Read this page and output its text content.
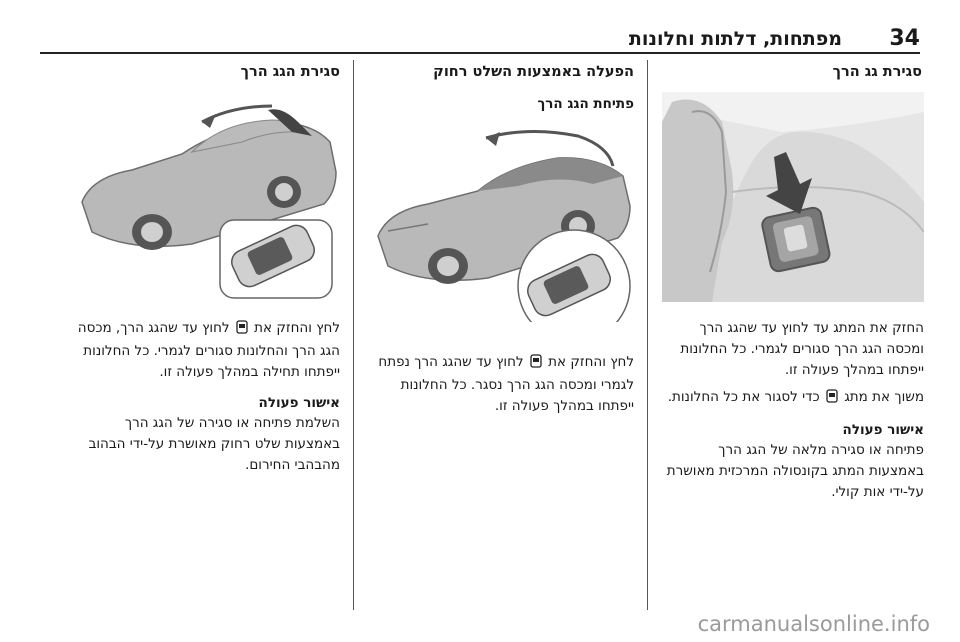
34
מפתחות, דלתות וחלונות
סגירת גג הרך

החזק את המתג עד לחוץ עד שהגג הרך ומכסה הגג הרך סגורים לגמרי. כל החלונות ייפתחו במהלך פעולה זו.

משוך את מתג  כדי לסגור את כל החלונות.

אישור פעולה

פתיחה או סגירה מלאה של הגג הרך באמצעות המתג בקונסולה המרכזית מאושרת על-ידי אות קולי.

הפעלה באמצעות השלט רחוק
פתיחת הגג הרך

לחץ והחזק את  לחוץ עד שהגג הרך נפתח לגמרי ומכסה הגג הרך נסגר. כל החלונות ייפתחו במהלך פעולה זו.

סגירת הגג הרך

לחץ והחזק את  לחוץ עד שהגג הרך, מכסה הגג הרך והחלונות סגורים לגמרי. כל החלונות ייפתחו תחילה במהלך פעולה זו.

אישור פעולה

השלמת פתיחה או סגירה של הגג הרך באמצעות שלט רחוק מאושרת על-ידי הבהוב מהבהבי החירום.

carmanualsonline.info
